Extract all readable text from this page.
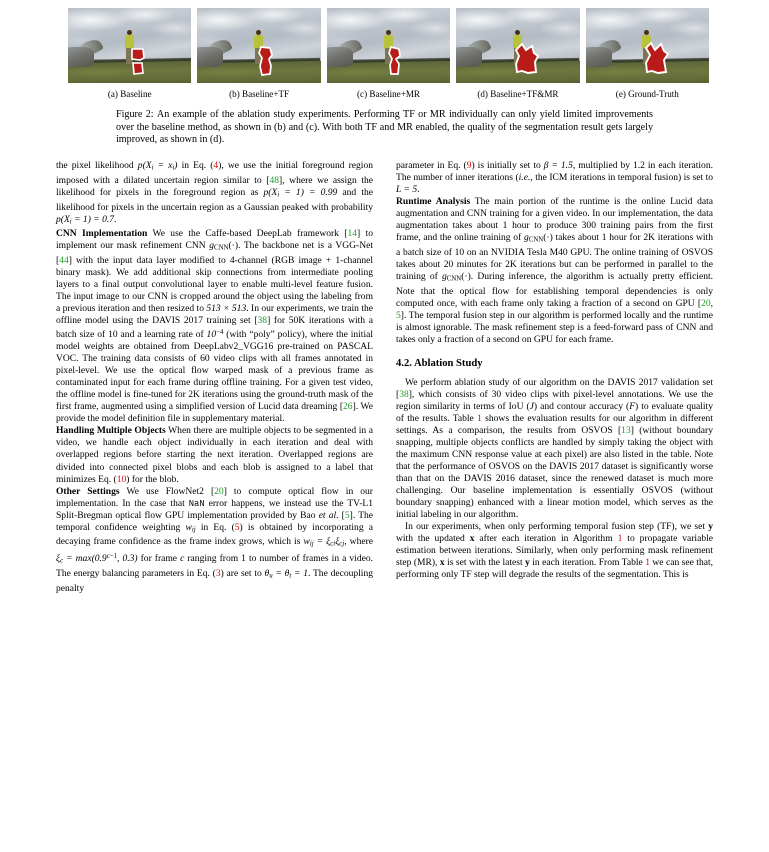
(a) Baseline	(b) Baseline+TF	(c) Baseline+MR	(d) Baseline+TF&MR	(e) Ground-Truth
Figure 2: An example of the ablation study experiments. Performing TF or MR individually can only yield limited improvements over the baseline method, as shown in (b) and (c). With both TF and MR enabled, the quality of the segmentation result gets largely improved, as shown in (d).

the pixel likelihood $p(X_i = x_i)$ in Eq. (4), we use the initial foreground region imposed with a dilated uncertain region similar to [48], where we assign the likelihood for pixels in the foreground region as $p(X_i = 1) = 0.99$ and the likelihood for pixels in the uncertain region as a Gaussian peaked with probability $p(X_i = 1) = 0.7$.

CNN Implementation We use the Caffe-based DeepLab framework [14] to implement our mask refinement CNN $g_{CNN}(\cdot)$. The backbone net is a VGG-Net [44] with the input data layer modified to 4-channel (RGB image + 1-channel binary mask). We add additional skip connections from intermediate pooling layers to a final output convolutional layer to enable multi-level feature fusion. The input image to our CNN is cropped around the object using the labeling from a previous iteration and then resized to 513 × 513. In our experiments, we train the offline model using the DAVIS 2017 training set [38] for 50K iterations with a batch size of 10 and a learning rate of $10^{-4}$ (with “poly” policy), where the initial model weights are obtained from DeepLabv2_VGG16 pre-trained on PASCAL VOC. The training data consists of 60 video clips with all frames annotated in pixel-level. We use the optical flow warped mask of a previous frame as contaminated input for each frame during offline training. For a given test video, the offline model is fine-tuned for 2K iterations using the ground-truth mask of the first frame, augmented using a simplified version of Lucid data dreaming [26]. We provide the model definition file in supplementary material.

Handling Multiple Objects When there are multiple objects to be segmented in a video, we handle each object individually in each iteration and deal with overlapped regions before starting the next iteration. Overlapped regions are divided into connected pixel blobs and each blob is assigned to a label that minimizes Eq. (10) for the blob.

Other Settings We use FlowNet2 [20] to compute optical flow in our implementation. In the case that NaN error happens, we instead use the TV-L1 Split-Bregman optical flow GPU implementation provided by Bao et al. [5]. The temporal confidence weighting $w_{ij}$ in Eq. (5) is obtained by incorporating a decaying frame confidence as the frame index grows, which is $w_{ij} = \xi_{ci}\xi_{cj}$, where $\xi_c = \max(0.9^{c-1}$, 0.3) for frame c ranging from 1 to number of frames in a video. The energy balancing parameters in Eq. (3) are set to $\theta_u = \theta_t = 1$. The decoupling penalty

parameter in Eq. (9) is initially set to β = 1.5, multiplied by 1.2 in each iteration. The number of inner iterations (i.e., the ICM iterations in temporal fusion) is set to L = 5.

Runtime Analysis The main portion of the runtime is the online Lucid data augmentation and CNN training for a given video. In our implementation, the data augmentation takes about 1 hour to produce 300 training pairs from the first frame, and the online training of $g_{CNN}(\cdot)$ takes about 1 hour for 2K iterations with a batch size of 10 on an NVIDIA Tesla M40 GPU. The online training of OSVOS takes about 20 minutes for 2K iterations but can be performed in parallel to the training of $g_{CNN}(\cdot)$. During inference, the algorithm is actually pretty efficient. Note that the optical flow for establishing temporal dependencies is only computed once, with each frame only taking a fraction of a second on GPU [20, 5]. The temporal fusion step in our algorithm is performed locally and the runtime is almost ignorable. The mask refinement step is a feed-forward pass of CNN and takes only a fraction of a second on GPU for each frame.

4.2. Ablation Study

We perform ablation study of our algorithm on the DAVIS 2017 validation set [38], which consists of 30 video clips with pixel-level annotations. We use the region similarity in terms of IoU (J) and contour accuracy (F) to evaluate quality of the results. Table 1 shows the evaluation results for our algorithm in different settings. As a comparison, the results from OSVOS [13] (without boundary snapping, multiple objects conflicts are handled by simply taking the object with the maximum CNN response value at each pixel) are also listed in the table. Note that the performance of OSVOS on the DAVIS 2017 dataset is significantly worse than that on the DAVIS 2016 dataset, since the renewed dataset is much more challenging. Our baseline implementation is essentially OSVOS (without boundary snapping) enhanced with a linear motion model, which serves as the initial labeling in our algorithm.

In our experiments, when only performing temporal fusion step (TF), we set y with the updated x after each iteration in Algorithm 1 to propagate variable estimation between iterations. Similarly, when only performing mask refinement step (MR), x is set with the latest y in each iteration. From Table 1 we can see that, performing only TF step will degrade the results of the segmentation. This is
